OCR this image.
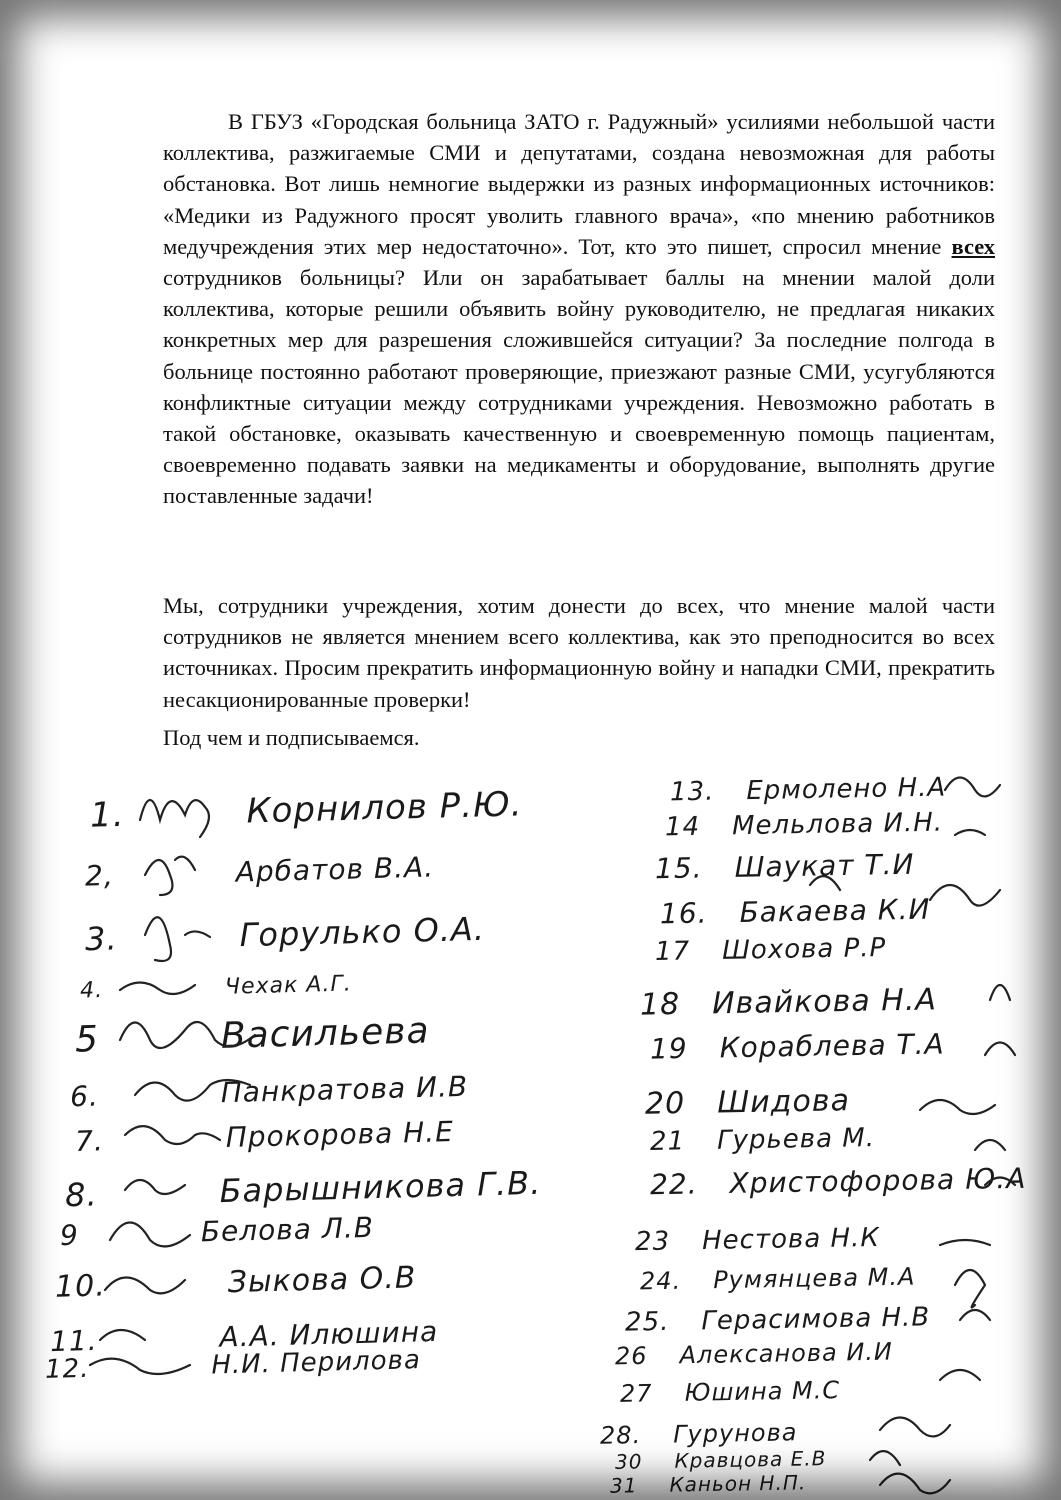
В ГБУЗ «Городская больница ЗАТО г. Радужный» усилиями небольшой части коллектива, разжигаемые СМИ и депутатами, создана невозможная для работы обстановка. Вот лишь немногие выдержки из разных информационных источников: «Медики из Радужного просят уволить главного врача», «по мнению работников медучреждения этих мер недостаточно». Тот, кто это пишет, спросил мнение всех сотрудников больницы? Или он зарабатывает баллы на мнении малой доли коллектива, которые решили объявить войну руководителю, не предлагая никаких конкретных мер для разрешения сложившейся ситуации? За последние полгода в больнице постоянно работают проверяющие, приезжают разные СМИ, усугубляются конфликтные ситуации между сотрудниками учреждения. Невозможно работать в такой обстановке, оказывать качественную и своевременную помощь пациентам, своевременно подавать заявки на медикаменты и оборудование, выполнять другие поставленные задачи!
Мы, сотрудники учреждения, хотим донести до всех, что мнение малой части сотрудников не является мнением всего коллектива, как это преподносится во всех источниках. Просим прекратить информационную войну и нападки СМИ, прекратить несакционированные проверки!
Под чем и подписываемся.
1.	Корнилов Р.Ю.
2,	Арбатов В.А.
3.	Горулько О.А.
4.	Чехак А.Г.
5	Васильева
6.	Панкратова И.В
7.	Прокорова Н.Е
8.	Барышникова Г.В.
9	Белова Л.В
10.	Зыкова О.В
11.	А.А. Илюшина
12.	Н.И. Перилова
13. Ермолено Н.А
14 Мельлова И.Н.
15. Шаукат Т.И
16. Бакаева К.И
17 Шохова Р.Р
18 Ивайкова Н.А
19 Кораблева Т.А
20 Шидова
21 Гурьева М.
22. Христофорова Ю.А
23 Нестова Н.К
24. Румянцева М.А
25. Герасимова Н.В
26 Алексанова И.И
27 Юшина М.С
28. Гурунова
30 Кравцова Е.В
31 Каньон Н.П.
